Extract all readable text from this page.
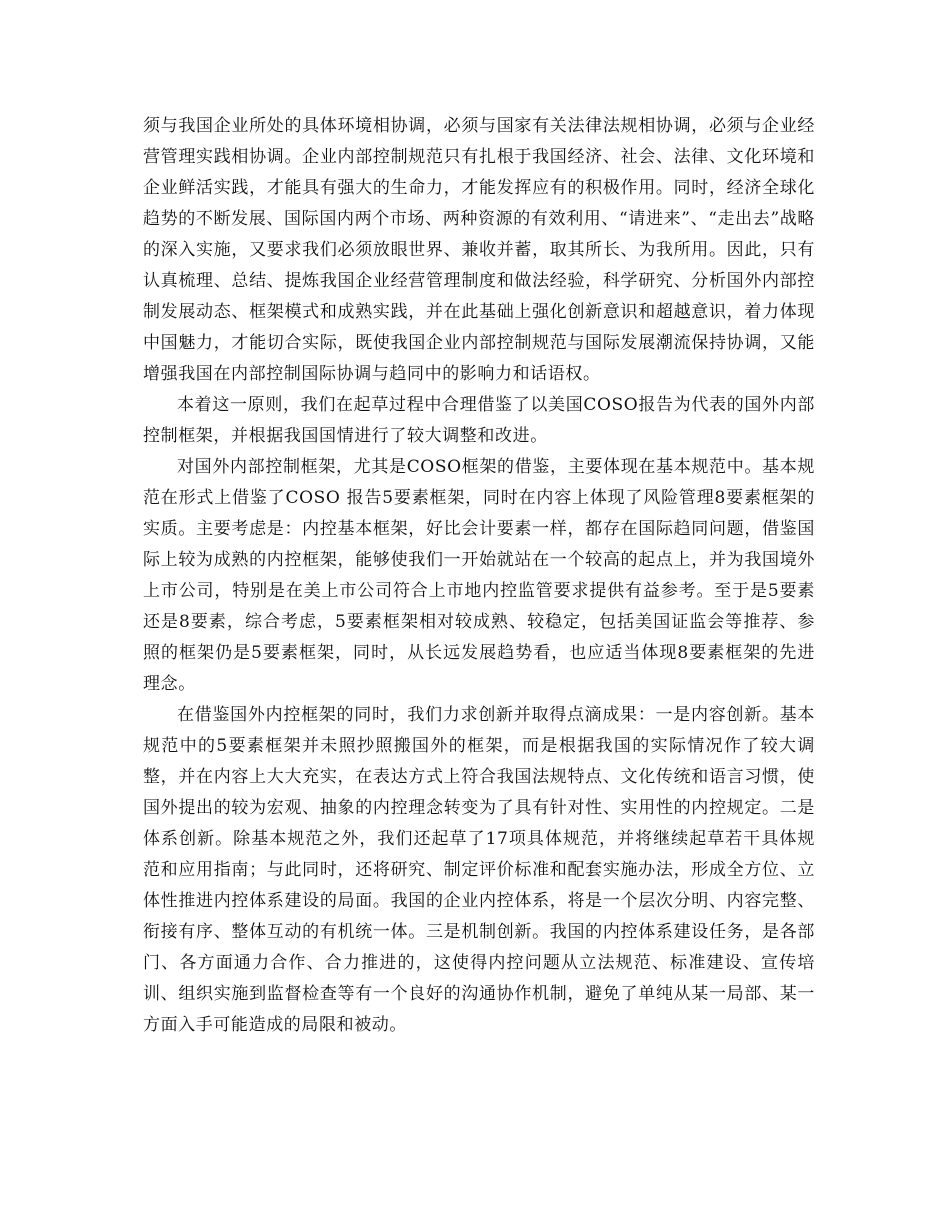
须与我国企业所处的具体环境相协调，必须与国家有关法律法规相协调，必须与企业经营管理实践相协调。企业内部控制规范只有扎根于我国经济、社会、法律、文化环境和企业鲜活实践，才能具有强大的生命力，才能发挥应有的积极作用。同时，经济全球化趋势的不断发展、国际国内两个市场、两种资源的有效利用、“请进来”、“走出去”战略的深入实施，又要求我们必须放眼世界、兼收并蓄，取其所长、为我所用。因此，只有认真梳理、总结、提炼我国企业经营管理制度和做法经验，科学研究、分析国外内部控制发展动态、框架模式和成熟实践，并在此基础上强化创新意识和超越意识，着力体现中国魅力，才能切合实际，既使我国企业内部控制规范与国际发展潮流保持协调，又能增强我国在内部控制国际协调与趋同中的影响力和话语权。

本着这一原则，我们在起草过程中合理借鉴了以美国COSO报告为代表的国外内部控制框架，并根据我国国情进行了较大调整和改进。

对国外内部控制框架，尤其是COSO框架的借鉴，主要体现在基本规范中。基本规范在形式上借鉴了COSO 报告5要素框架，同时在内容上体现了风险管理8要素框架的实质。主要考虑是：内控基本框架，好比会计要素一样，都存在国际趋同问题，借鉴国际上较为成熟的内控框架，能够使我们一开始就站在一个较高的起点上，并为我国境外上市公司，特别是在美上市公司符合上市地内控监管要求提供有益参考。至于是5要素还是8要素，综合考虑，5要素框架相对较成熟、较稳定，包括美国证监会等推荐、参照的框架仍是5要素框架，同时，从长远发展趋势看，也应适当体现8要素框架的先进理念。

在借鉴国外内控框架的同时，我们力求创新并取得点滴成果：一是内容创新。基本规范中的5要素框架并未照抄照搬国外的框架，而是根据我国的实际情况作了较大调整，并在内容上大大充实，在表达方式上符合我国法规特点、文化传统和语言习惯，使国外提出的较为宏观、抽象的内控理念转变为了具有针对性、实用性的内控规定。二是体系创新。除基本规范之外，我们还起草了17项具体规范，并将继续起草若干具体规范和应用指南；与此同时，还将研究、制定评价标准和配套实施办法，形成全方位、立体性推进内控体系建设的局面。我国的企业内控体系，将是一个层次分明、内容完整、衔接有序、整体互动的有机统一体。三是机制创新。我国的内控体系建设任务，是各部门、各方面通力合作、合力推进的，这使得内控问题从立法规范、标准建设、宣传培训、组织实施到监督检查等有一个良好的沟通协作机制，避免了单纯从某一局部、某一方面入手可能造成的局限和被动。
